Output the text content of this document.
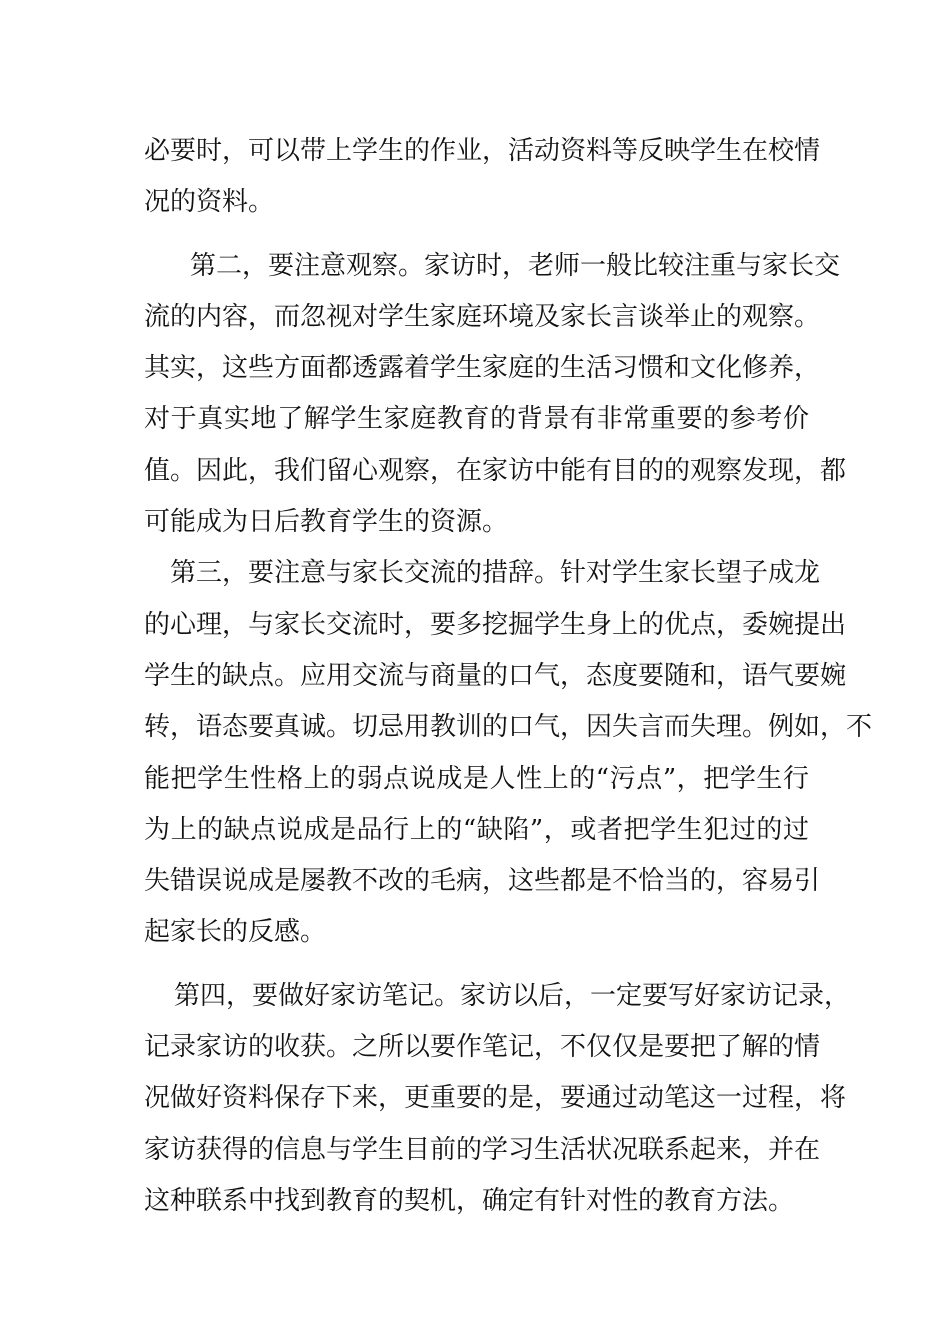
必要时，可以带上学生的作业，活动资料等反映学生在校情
况的资料。
第二，要注意观察。家访时，老师一般比较注重与家长交
流的内容，而忽视对学生家庭环境及家长言谈举止的观察。
其实，这些方面都透露着学生家庭的生活习惯和文化修养，
对于真实地了解学生家庭教育的背景有非常重要的参考价
值。因此，我们留心观察，在家访中能有目的的观察发现，都
可能成为日后教育学生的资源。
第三，要注意与家长交流的措辞。针对学生家长望子成龙
的心理，与家长交流时，要多挖掘学生身上的优点，委婉提出
学生的缺点。应用交流与商量的口气，态度要随和，语气要婉
转，语态要真诚。切忌用教训的口气，因失言而失理。例如，不
能把学生性格上的弱点说成是人性上的“污点”，把学生行
为上的缺点说成是品行上的“缺陷”，或者把学生犯过的过
失错误说成是屡教不改的毛病，这些都是不恰当的，容易引
起家长的反感。
第四，要做好家访笔记。家访以后，一定要写好家访记录，
记录家访的收获。之所以要作笔记，不仅仅是要把了解的情
况做好资料保存下来，更重要的是，要通过动笔这一过程，将
家访获得的信息与学生目前的学习生活状况联系起来，并在
这种联系中找到教育的契机，确定有针对性的教育方法。
